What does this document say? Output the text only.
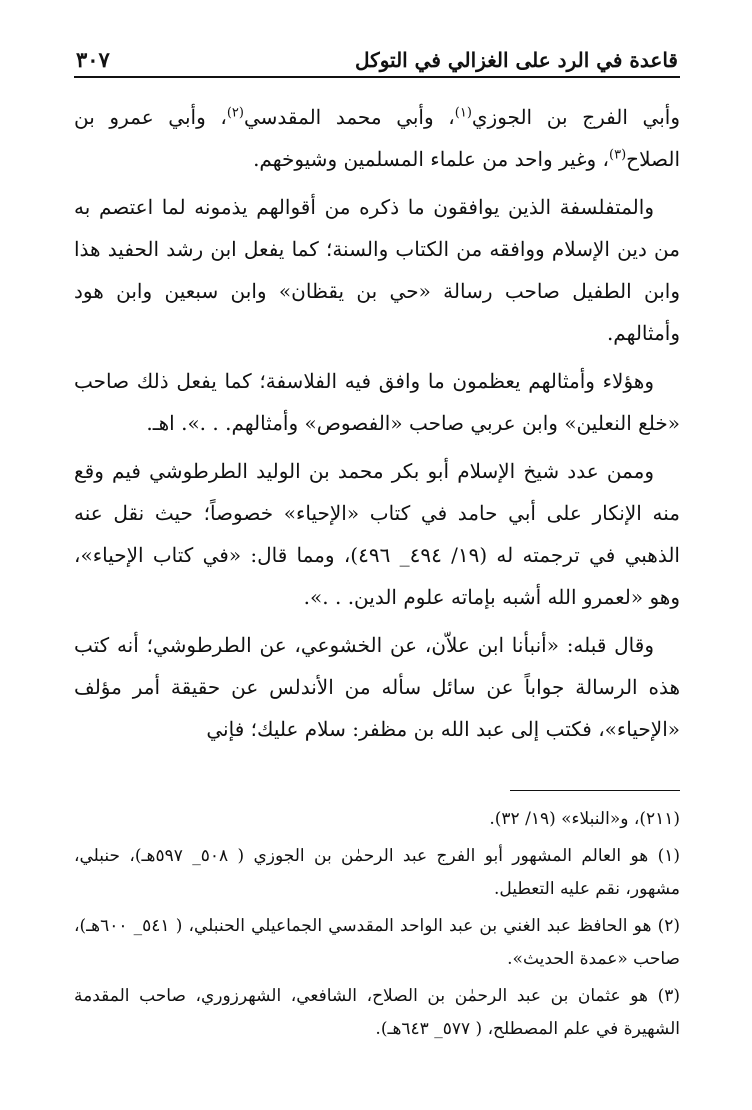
قاعدة في الرد على الغزالي في التوكل
٣٠٧

وأبي الفرج بن الجوزي$^{(١)}$، وأبي محمد المقدسي$^{(٢)}$، وأبي عمرو بن الصلاح$^{(٣)}$، وغير واحد من علماء المسلمين وشيوخهم.

والمتفلسفة الذين يوافقون ما ذكره من أقوالهم يذمونه لما اعتصم به من دين الإسلام ووافقه من الكتاب والسنة؛ كما يفعل ابن رشد الحفيد هذا وابن الطفيل صاحب رسالة «حي بن يقظان» وابن سبعين وابن هود وأمثالهم.

وهؤلاء وأمثالهم يعظمون ما وافق فيه الفلاسفة؛ كما يفعل ذلك صاحب «خلع النعلين» وابن عربي صاحب «الفصوص» وأمثالهم. . .». اهـ.

وممن عدد شيخ الإسلام أبو بكر محمد بن الوليد الطرطوشي فيم وقع منه الإنكار على أبي حامد في كتاب «الإحياء» خصوصاً؛ حيث نقل عنه الذهبي في ترجمته له (١٩/ ٤٩٤_ ٤٩٦)، ومما قال: «في كتاب الإحياء»، وهو «لعمرو الله أشبه بإماته علوم الدين. . .».

وقال قبله: «أنبأنا ابن علاّن، عن الخشوعي، عن الطرطوشي؛ أنه كتب هذه الرسالة جواباً عن سائل سأله من الأندلس عن حقيقة أمر مؤلف «الإحياء»، فكتب إلى عبد الله بن مظفر: سلام عليك؛ فإني

(٢١١)، و«النبلاء» (١٩/ ٣٢).

(١) هو العالم المشهور أبو الفرج عبد الرحمٰن بن الجوزي ( ٥٠٨_ ٥٩٧هـ)، حنبلي، مشهور، نقم عليه التعطيل.

(٢) هو الحافظ عبد الغني بن عبد الواحد المقدسي الجماعيلي الحنبلي، ( ٥٤١_ ٦٠٠هـ)، صاحب «عمدة الحديث».

(٣) هو عثمان بن عبد الرحمٰن بن الصلاح، الشافعي، الشهرزوري، صاحب المقدمة الشهيرة في علم المصطلح، ( ٥٧٧_ ٦٤٣هـ).
